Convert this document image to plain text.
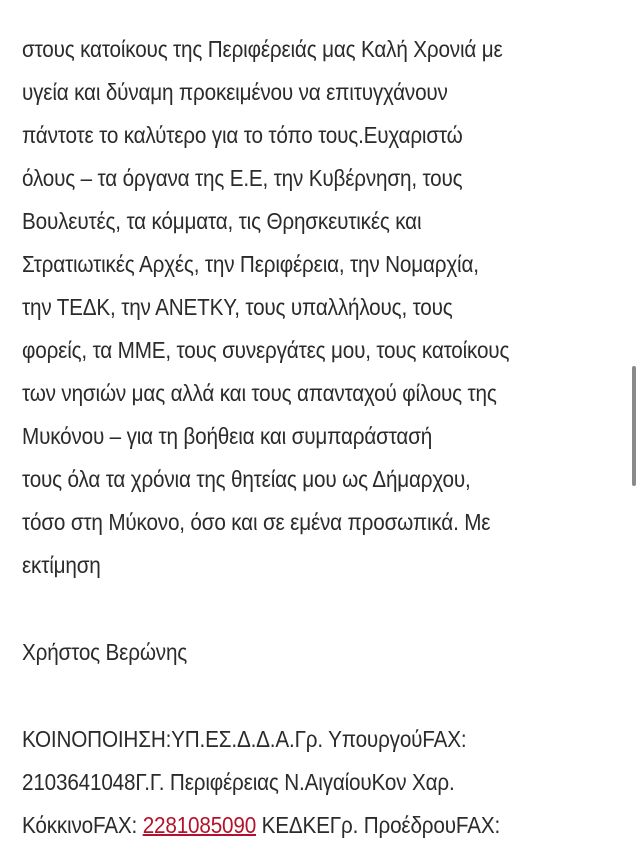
στους κατοίκους της Περιφέρειάς μας Καλή Χρονιά με
υγεία και δύναμη προκειμένου να επιτυγχάνουν
πάντοτε το καλύτερο για το τόπο τους.Ευχαριστώ
όλους – τα όργανα της Ε.Ε, την Κυβέρνηση, τους
Βουλευτές, τα κόμματα, τις Θρησκευτικές και
Στρατιωτικές Αρχές, την Περιφέρεια, την Νομαρχία,
την ΤΕΔΚ, την ΑΝΕΤΚΥ, τους υπαλλήλους, τους
φορείς, τα ΜΜΕ, τους συνεργάτες μου, τους κατοίκους
των νησιών μας αλλά και τους απανταχού φίλους της
Μυκόνου – για τη βοήθεια και συμπαράστασή
τους όλα τα χρόνια της θητείας μου ως Δήμαρχου,
τόσο στη Μύκονο, όσο και σε εμένα προσωπικά. Με
εκτίμηση
Χρήστος Βερώνης
ΚΟΙΝΟΠΟΙΗΣΗ:ΥΠ.ΕΣ.Δ.Δ.Α.Γρ. ΥπουργούFAX:
2103641048Γ.Γ. Περιφέρειας Ν.ΑιγαίουΚον Χαρ.
ΚόκκινοFAX: 2281085090 ΚΕΔΚΕΓρ. ΠροέδρουFAX:
